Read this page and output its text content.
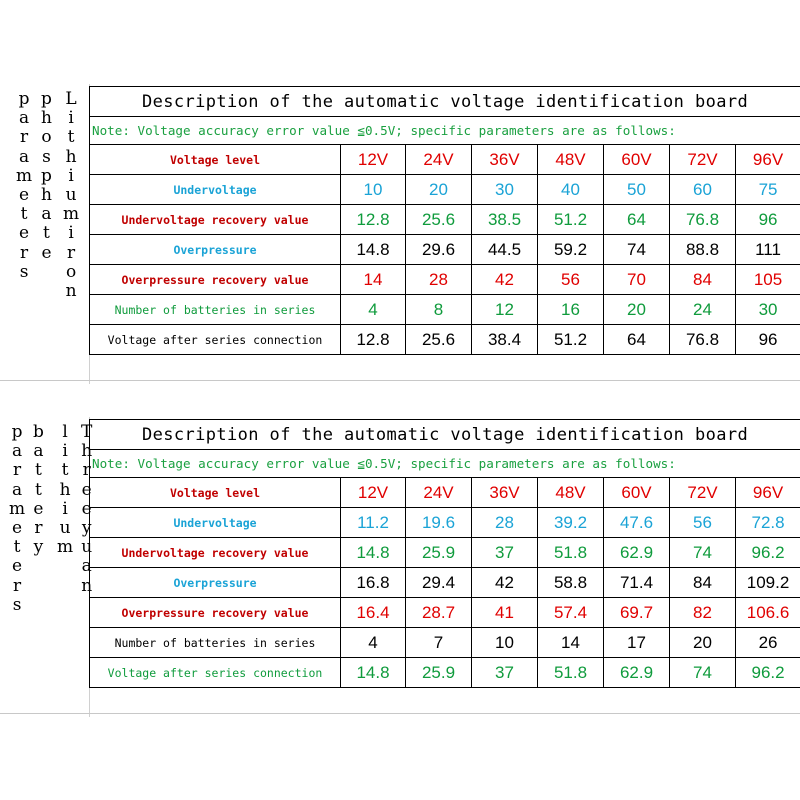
p
a
r
a
m
e
t
e
r
s
p
h
o
s
p
h
a
t
e
L
i
t
h
i
u
m
i
r
o
n
Description of the automatic voltage identification board							
Note: Voltage accuracy error value ≦0.5V; specific parameters are as follows:							
Voltage level	12V	24V	36V	48V	60V	72V	96V
Undervoltage	10	20	30	40	50	60	75
Undervoltage recovery value	12.8	25.6	38.5	51.2	64	76.8	96
Overpressure	14.8	29.6	44.5	59.2	74	88.8	111
Overpressure recovery value	14	28	42	56	70	84	105
Number of batteries in series	4	8	12	16	20	24	30
Voltage after series connection	12.8	25.6	38.4	51.2	64	76.8	96
p
a
r
a
m
e
t
e
r
s
b
a
t
t
e
r
y
l
i
t
h
i
u
m
T
h
r
e
e
y
u
a
n
Description of the automatic voltage identification board							
Note: Voltage accuracy error value ≦0.5V; specific parameters are as follows:							
Voltage level	12V	24V	36V	48V	60V	72V	96V
Undervoltage	11.2	19.6	28	39.2	47.6	56	72.8
Undervoltage recovery value	14.8	25.9	37	51.8	62.9	74	96.2
Overpressure	16.8	29.4	42	58.8	71.4	84	109.2
Overpressure recovery value	16.4	28.7	41	57.4	69.7	82	106.6
Number of batteries in series	4	7	10	14	17	20	26
Voltage after series connection	14.8	25.9	37	51.8	62.9	74	96.2
